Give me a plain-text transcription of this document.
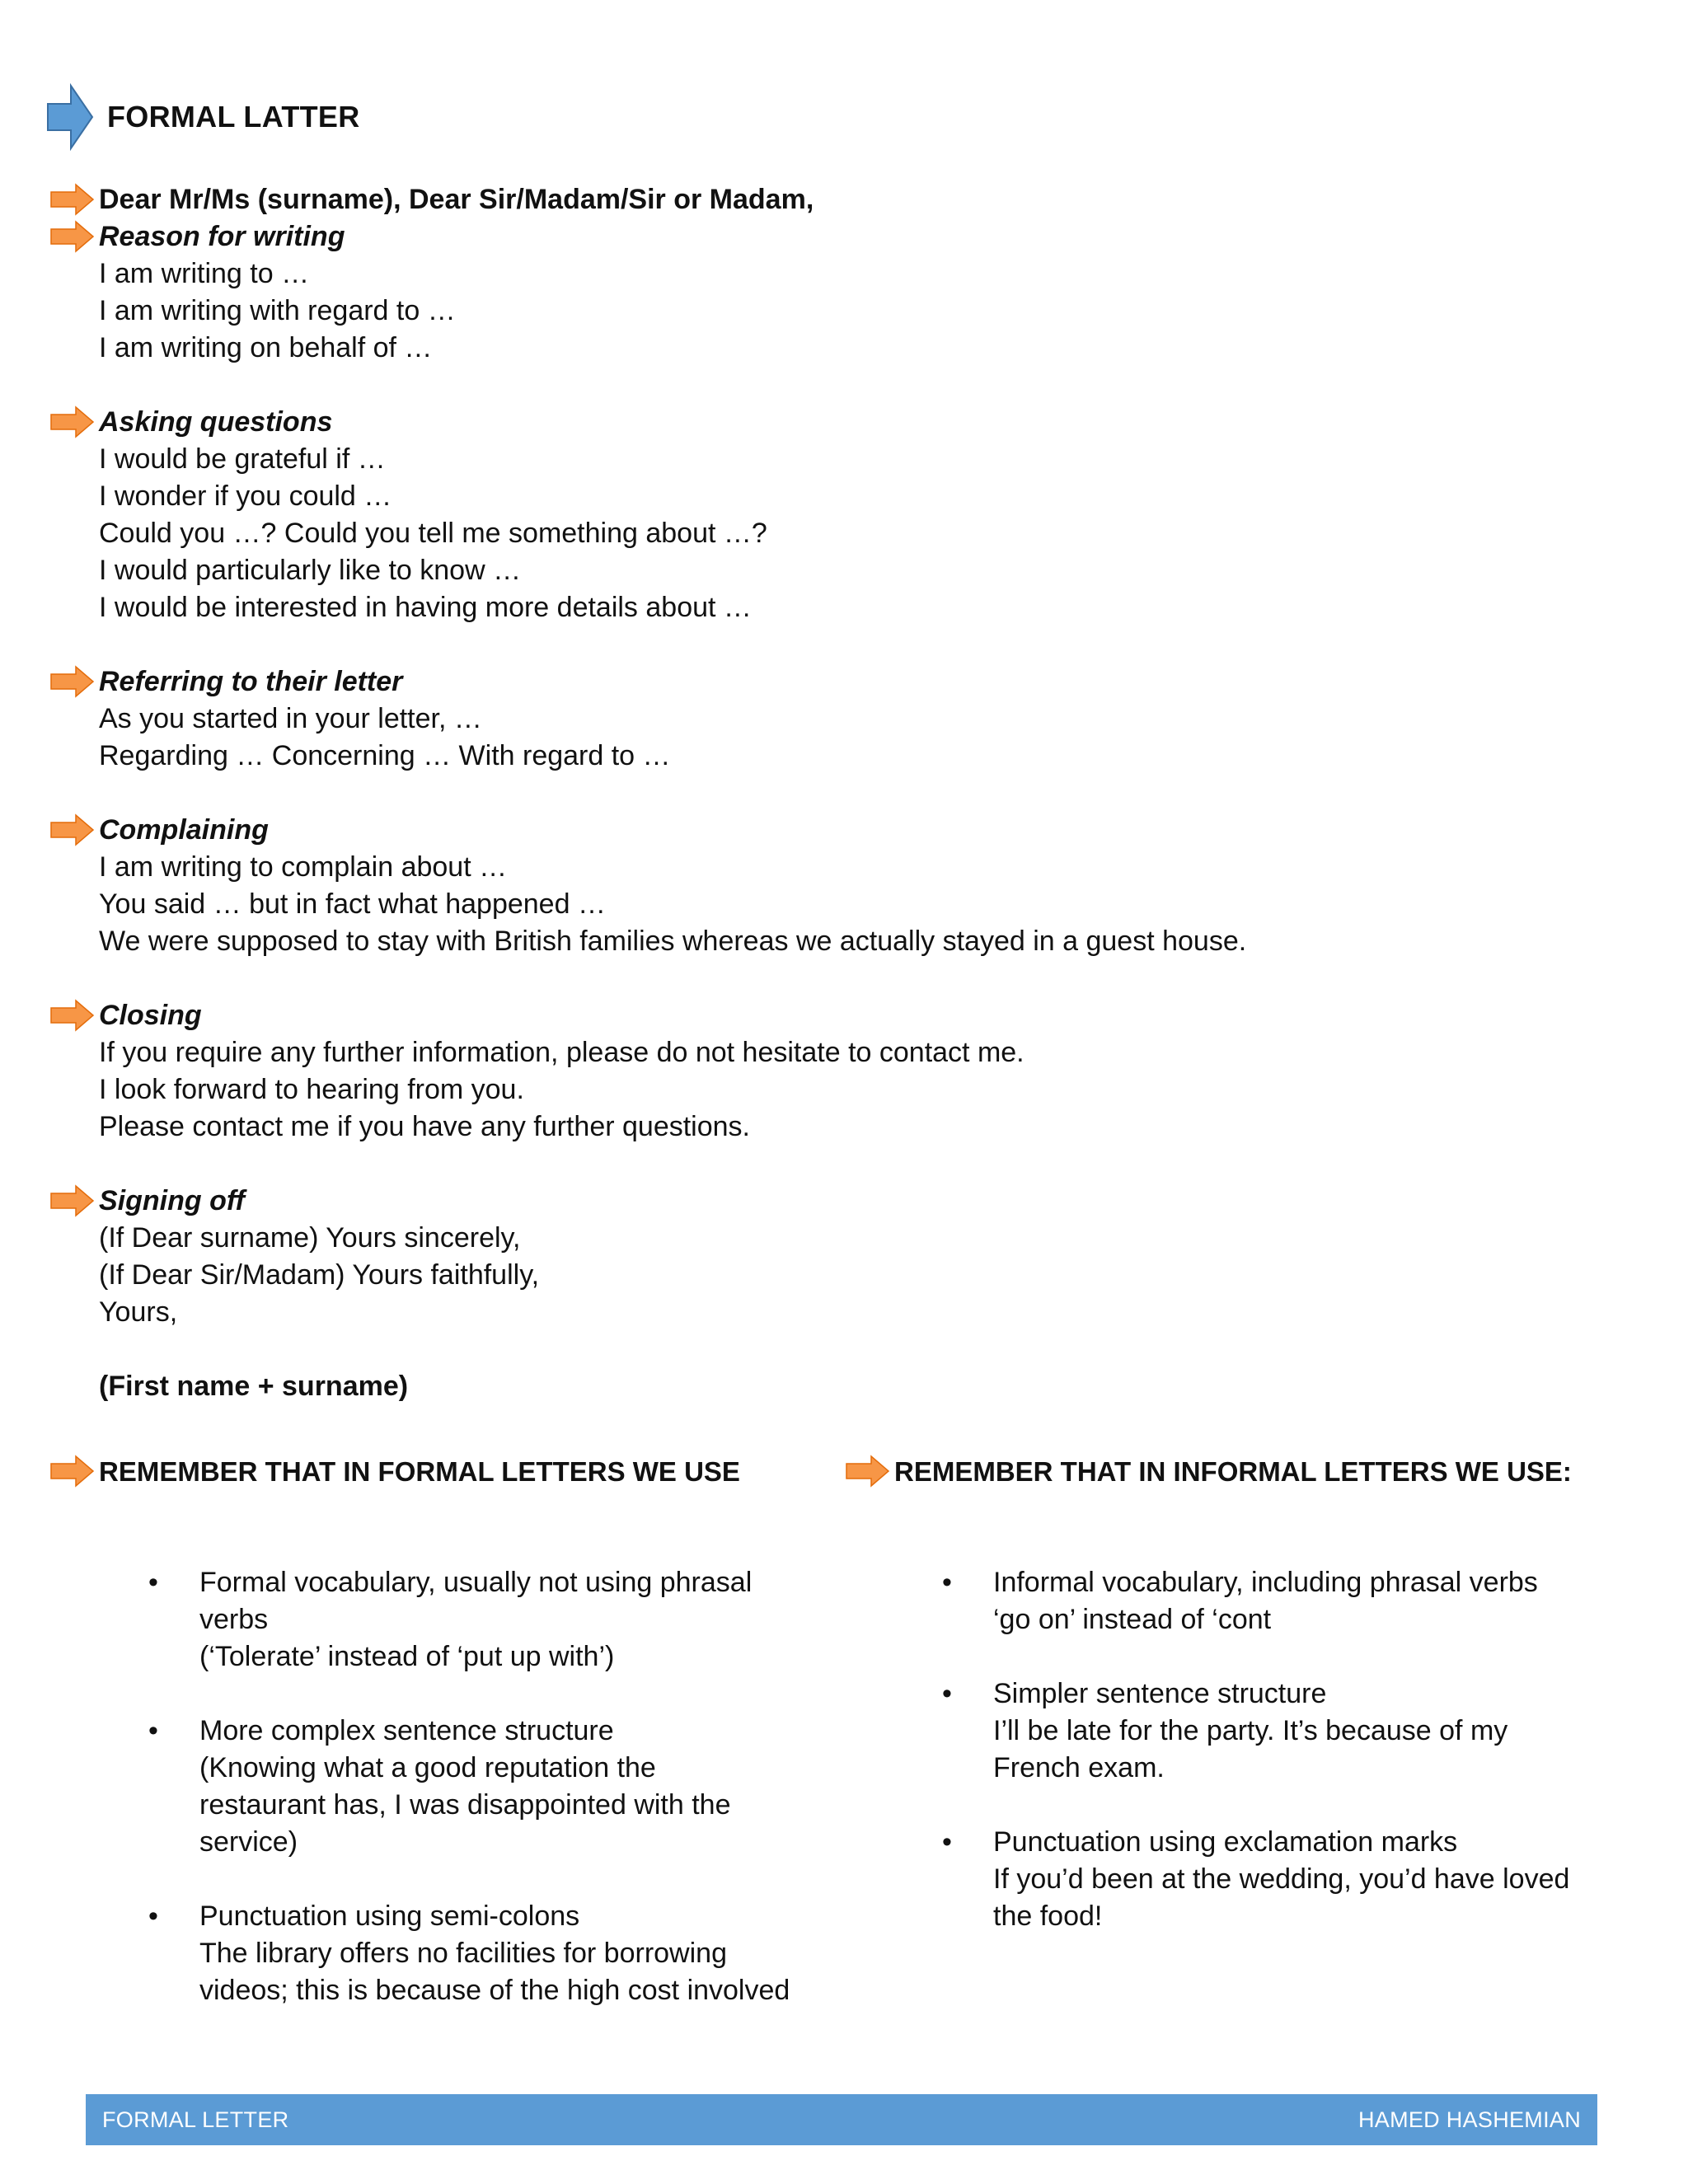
FORMAL LATTER
Dear Mr/Ms (surname), Dear Sir/Madam/Sir or Madam,
Reason for writing
I am writing to …
I am writing with regard to …
I am writing on behalf of …
Asking questions
I would be grateful if …
I wonder if you could …
Could you …? Could you tell me something about …?
I would particularly like to know …
I would be interested in having more details about …
Referring to their letter
As you started in your letter, …
Regarding … Concerning … With regard to …
Complaining
I am writing to complain about …
You said … but in fact what happened …
We were supposed to stay with British families whereas we actually stayed in a guest house.
Closing
If you require any further information, please do not hesitate to contact me.
I look forward to hearing from you.
Please contact me if you have any further questions.
Signing off
(If Dear surname) Yours sincerely,
(If Dear Sir/Madam) Yours faithfully,
Yours,
(First name + surname)
REMEMBER THAT IN FORMAL LETTERS WE USE	REMEMBER THAT IN INFORMAL LETTERS WE USE:
• Formal vocabulary, usually not using phrasal
verbs
(‘Tolerate’ instead of ‘put up with’)
• More complex sentence structure
(Knowing what a good reputation the
restaurant has, I was disappointed with the
service)
• Punctuation using semi-colons
The library offers no facilities for borrowing
videos; this is because of the high cost involved
• Informal vocabulary, including phrasal verbs
‘go on’ instead of ‘cont
• Simpler sentence structure
I’ll be late for the party. It’s because of my
French exam.
• Punctuation using exclamation marks
If you’d been at the wedding, you’d have loved
the food!
FORMAL LETTER	HAMED HASHEMIAN
